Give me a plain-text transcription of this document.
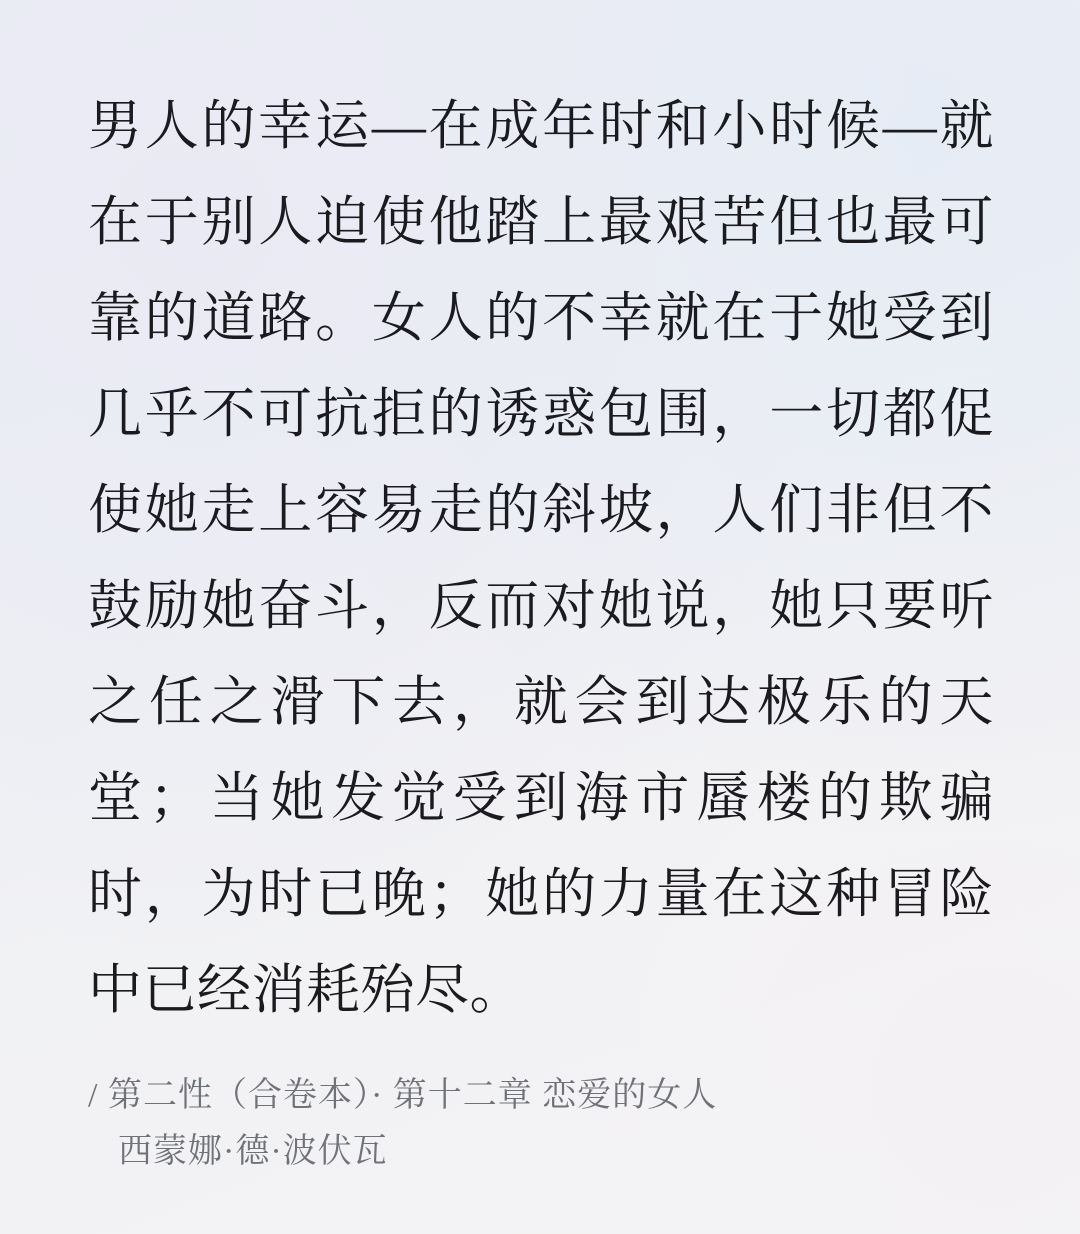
男人的幸运—在成年时和小时候—就在于别人迫使他踏上最艰苦但也最可靠的道路。女人的不幸就在于她受到几乎不可抗拒的诱惑包围，一切都促使她走上容易走的斜坡，人们非但不鼓励她奋斗，反而对她说，她只要听之任之滑下去，就会到达极乐的天堂；当她发觉受到海市蜃楼的欺骗时，为时已晚；她的力量在这种冒险中已经消耗殆尽。
/ 第二性（合卷本）· 第十二章 恋爱的女人
西蒙娜·德·波伏瓦
